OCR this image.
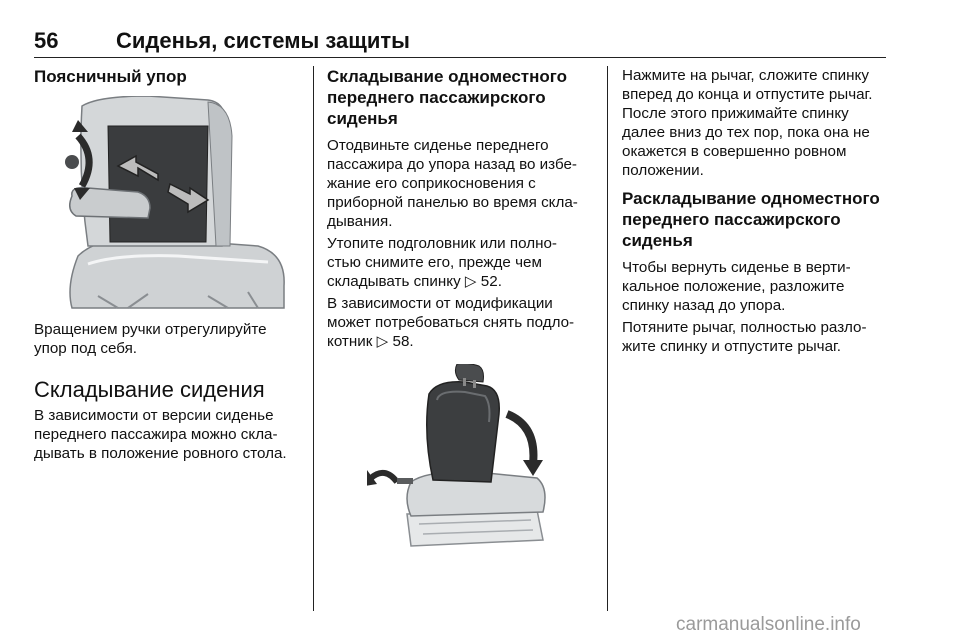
56	Сиденья, системы защиты
Поясничный упор

Вращением ручки отрегулируйте

упор под себя.

Складывание сидения

В зависимости от версии сиденье

переднего пассажира можно скла-

дывать в положение ровного стола.

Складывание одноместного
переднего пассажирского
сиденья

Отодвиньте сиденье переднего

пассажира до упора назад во избе-

жание его соприкосновения с

приборной панелью во время скла-

дывания.

Утопите подголовник или полно-

стью снимите его, прежде чем

складывать спинку ▷ 52.

В зависимости от модификации

может потребоваться снять подло-

котник ▷ 58.

Нажмите на рычаг, сложите спинку

вперед до конца и отпустите рычаг.

После этого прижимайте спинку

далее вниз до тех пор, пока она не

окажется в совершенно ровном

положении.

Раскладывание одноместного
переднего пассажирского
сиденья

Чтобы вернуть сиденье в верти-

кальное положение, разложите

спинку назад до упора.

Потяните рычаг, полностью разло-

жите спинку и отпустите рычаг.

carmanualsonline.info
